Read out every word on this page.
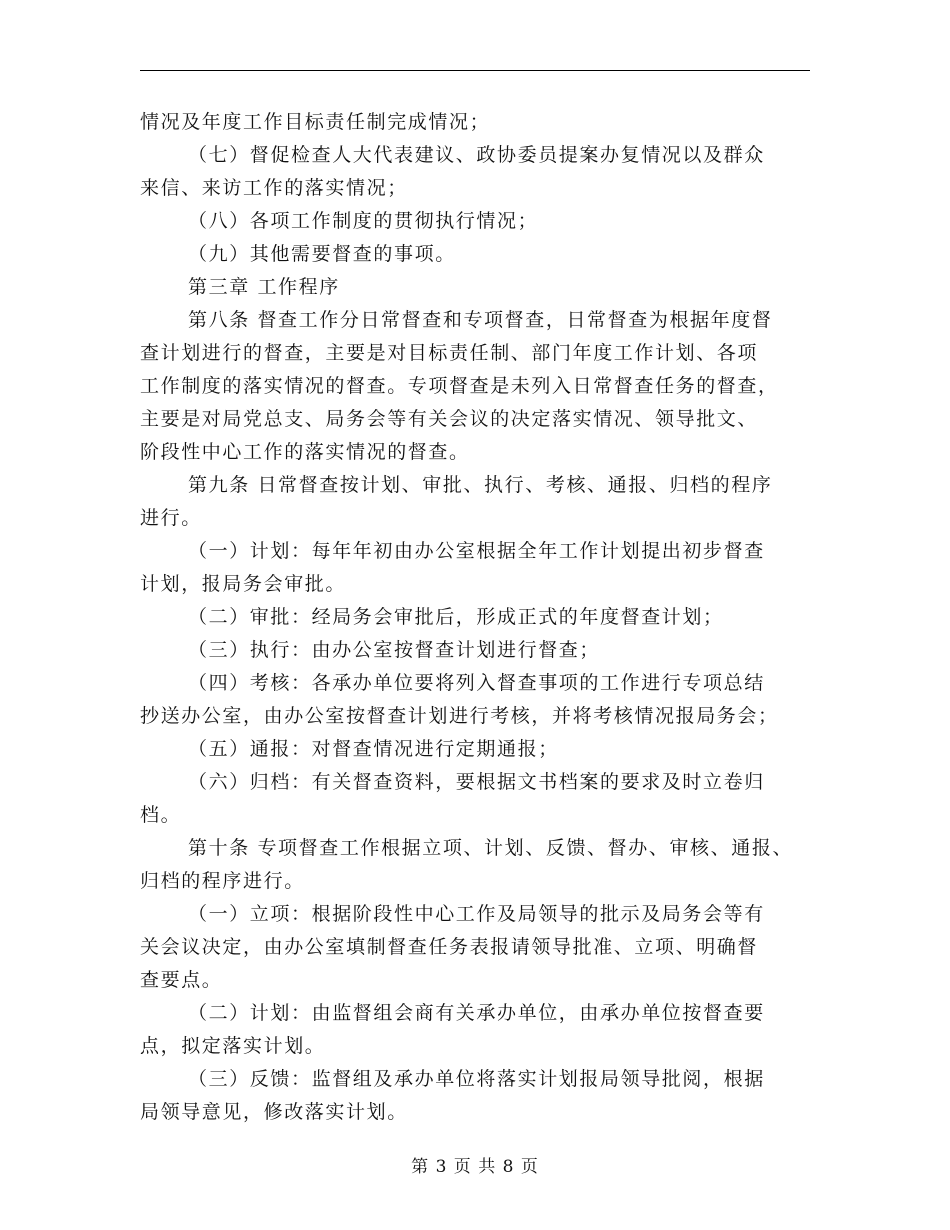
情况及年度工作目标责任制完成情况；
（七）督促检查人大代表建议、政协委员提案办复情况以及群众
来信、来访工作的落实情况；
（八）各项工作制度的贯彻执行情况；
（九）其他需要督查的事项。
第三章 工作程序
第八条 督查工作分日常督查和专项督查，日常督查为根据年度督
查计划进行的督查，主要是对目标责任制、部门年度工作计划、各项
工作制度的落实情况的督查。专项督查是未列入日常督查任务的督查，
主要是对局党总支、局务会等有关会议的决定落实情况、领导批文、
阶段性中心工作的落实情况的督查。
第九条 日常督查按计划、审批、执行、考核、通报、归档的程序
进行。
（一）计划：每年年初由办公室根据全年工作计划提出初步督查
计划，报局务会审批。
（二）审批：经局务会审批后，形成正式的年度督查计划；
（三）执行：由办公室按督查计划进行督查；
（四）考核：各承办单位要将列入督查事项的工作进行专项总结
抄送办公室，由办公室按督查计划进行考核，并将考核情况报局务会；
（五）通报：对督查情况进行定期通报；
（六）归档：有关督查资料，要根据文书档案的要求及时立卷归
档。
第十条 专项督查工作根据立项、计划、反馈、督办、审核、通报、
归档的程序进行。
（一）立项：根据阶段性中心工作及局领导的批示及局务会等有
关会议决定，由办公室填制督查任务表报请领导批准、立项、明确督
查要点。
（二）计划：由监督组会商有关承办单位，由承办单位按督查要
点，拟定落实计划。
（三）反馈：监督组及承办单位将落实计划报局领导批阅，根据
局领导意见，修改落实计划。
第 3 页 共 8 页
